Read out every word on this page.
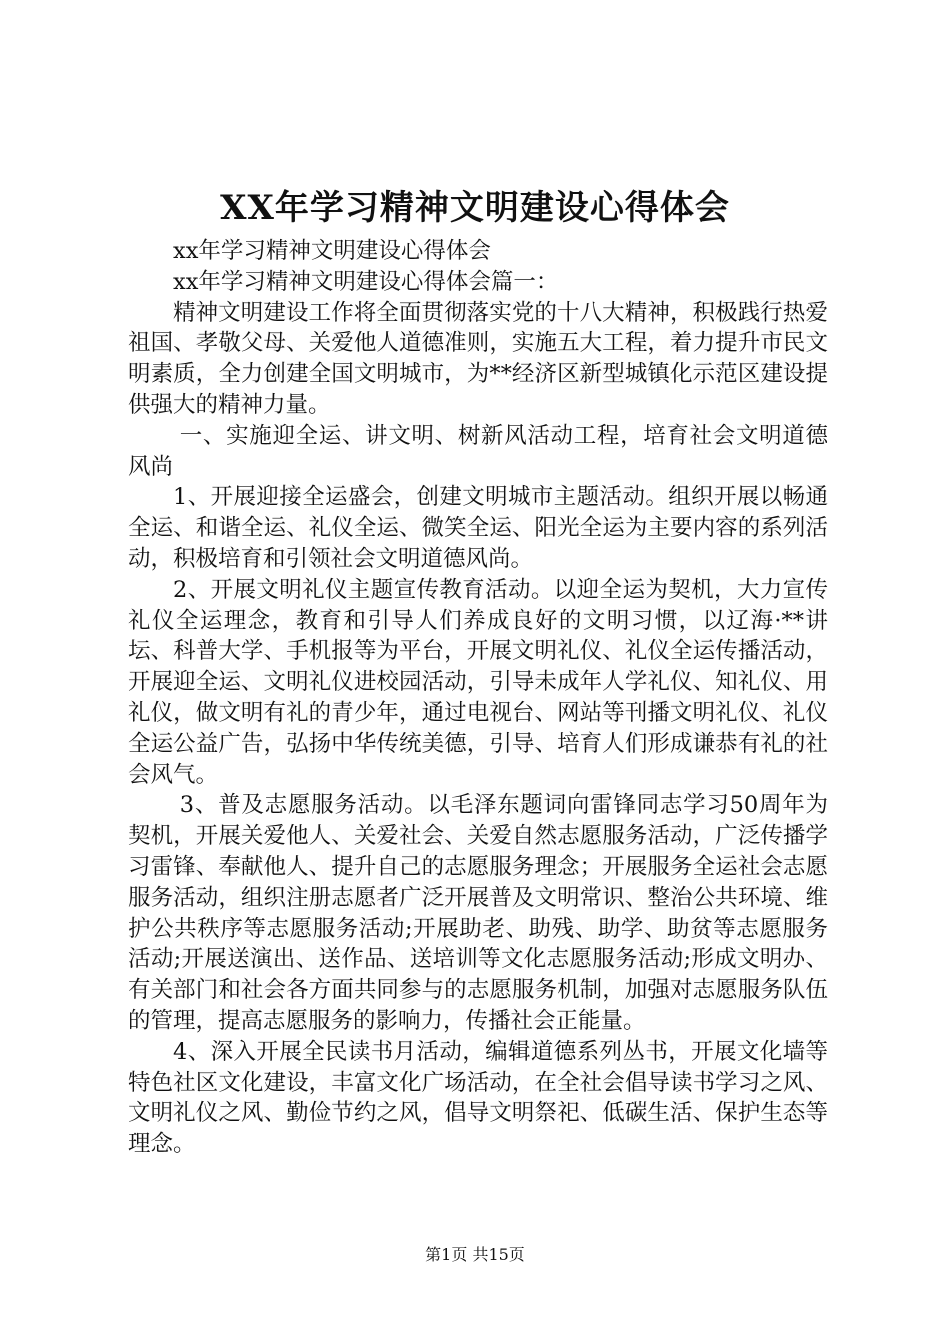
XX年学习精神文明建设心得体会

xx年学习精神文明建设心得体会

xx年学习精神文明建设心得体会篇一：

精神文明建设工作将全面贯彻落实党的十八大精神，积极践行热爱祖国、孝敬父母、关爱他人道德准则，实施五大工程，着力提升市民文明素质，全力创建全国文明城市，为**经济区新型城镇化示范区建设提供强大的精神力量。

一、实施迎全运、讲文明、树新风活动工程，培育社会文明道德风尚

1、开展迎接全运盛会，创建文明城市主题活动。组织开展以畅通全运、和谐全运、礼仪全运、微笑全运、阳光全运为主要内容的系列活动，积极培育和引领社会文明道德风尚。

2、开展文明礼仪主题宣传教育活动。以迎全运为契机，大力宣传礼仪全运理念，教育和引导人们养成良好的文明习惯，以辽海·**讲坛、科普大学、手机报等为平台，开展文明礼仪、礼仪全运传播活动，开展迎全运、文明礼仪进校园活动，引导未成年人学礼仪、知礼仪、用礼仪，做文明有礼的青少年，通过电视台、网站等刊播文明礼仪、礼仪全运公益广告，弘扬中华传统美德，引导、培育人们形成谦恭有礼的社会风气。

3、普及志愿服务活动。以毛泽东题词向雷锋同志学习50周年为契机，开展关爱他人、关爱社会、关爱自然志愿服务活动，广泛传播学习雷锋、奉献他人、提升自己的志愿服务理念；开展服务全运社会志愿服务活动，组织注册志愿者广泛开展普及文明常识、整治公共环境、维护公共秩序等志愿服务活动;开展助老、助残、助学、助贫等志愿服务活动;开展送演出、送作品、送培训等文化志愿服务活动;形成文明办、有关部门和社会各方面共同参与的志愿服务机制，加强对志愿服务队伍的管理，提高志愿服务的影响力，传播社会正能量。

4、深入开展全民读书月活动，编辑道德系列丛书，开展文化墙等特色社区文化建设，丰富文化广场活动，在全社会倡导读书学习之风、文明礼仪之风、勤俭节约之风，倡导文明祭祀、低碳生活、保护生态等理念。

第1页 共15页
